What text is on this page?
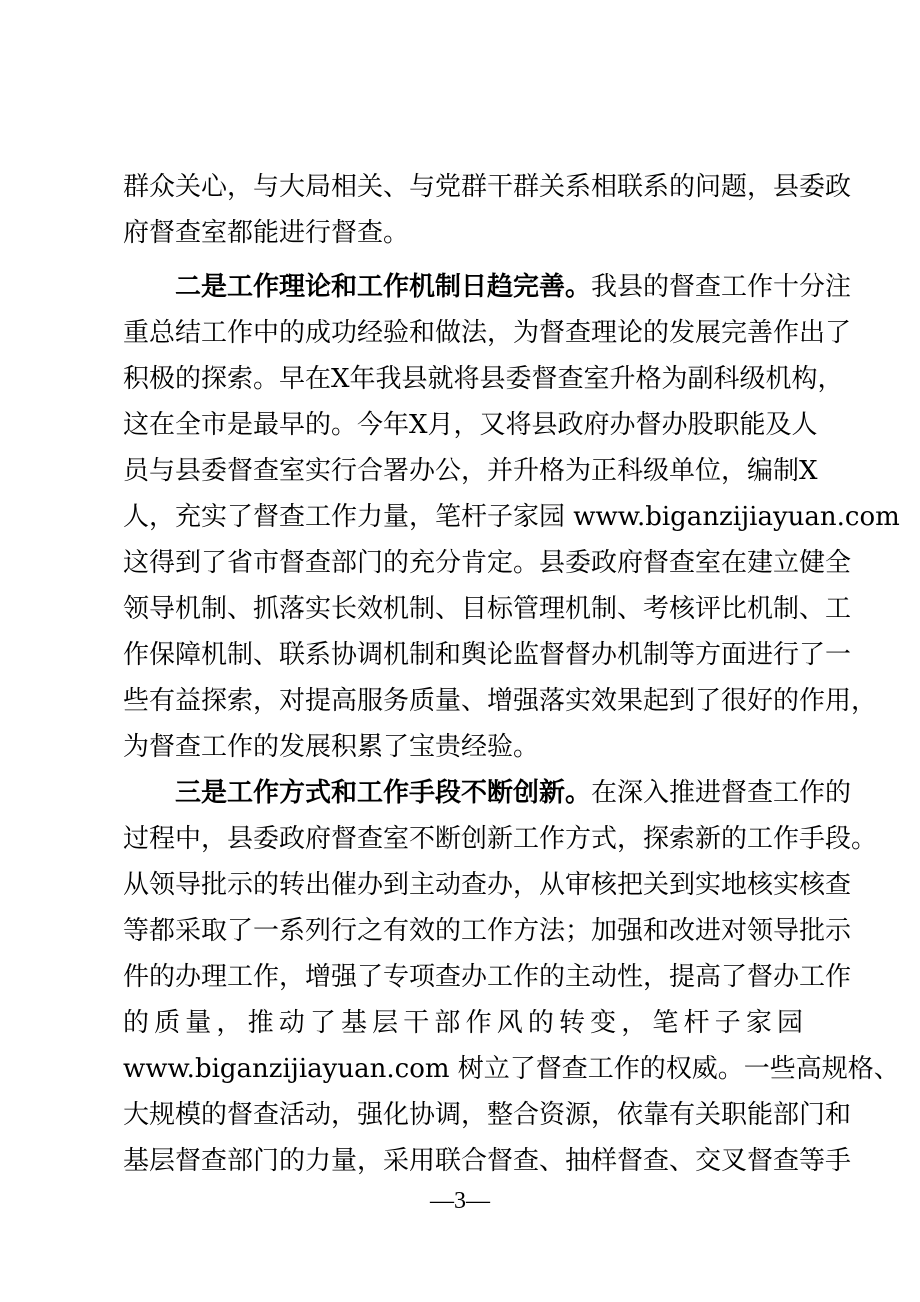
群众关心，与大局相关、与党群干群关系相联系的问题，县委政
府督查室都能进行督查。
二是工作理论和工作机制日趋完善。我县的督查工作十分注
重总结工作中的成功经验和做法，为督查理论的发展完善作出了
积极的探索。早在X年我县就将县委督查室升格为副科级机构，
这在全市是最早的。今年X月，又将县政府办督办股职能及人
员与县委督查室实行合署办公，并升格为正科级单位，编制X
人，充实了督查工作力量，笔杆子家园 www.biganzijiayuan.com
这得到了省市督查部门的充分肯定。县委政府督查室在建立健全
领导机制、抓落实长效机制、目标管理机制、考核评比机制、工
作保障机制、联系协调机制和舆论监督督办机制等方面进行了一
些有益探索，对提高服务质量、增强落实效果起到了很好的作用，
为督查工作的发展积累了宝贵经验。
三是工作方式和工作手段不断创新。在深入推进督查工作的
过程中，县委政府督查室不断创新工作方式，探索新的工作手段。
从领导批示的转出催办到主动查办，从审核把关到实地核实核查
等都采取了一系列行之有效的工作方法；加强和改进对领导批示
件的办理工作，增强了专项查办工作的主动性，提高了督办工作
的质量，推动了基层干部作风的转变，笔杆子家园
www.biganzijiayuan.com 树立了督查工作的权威。一些高规格、
大规模的督查活动，强化协调，整合资源，依靠有关职能部门和
—3—
基层督查部门的力量，采用联合督查、抽样督查、交叉督查等手
